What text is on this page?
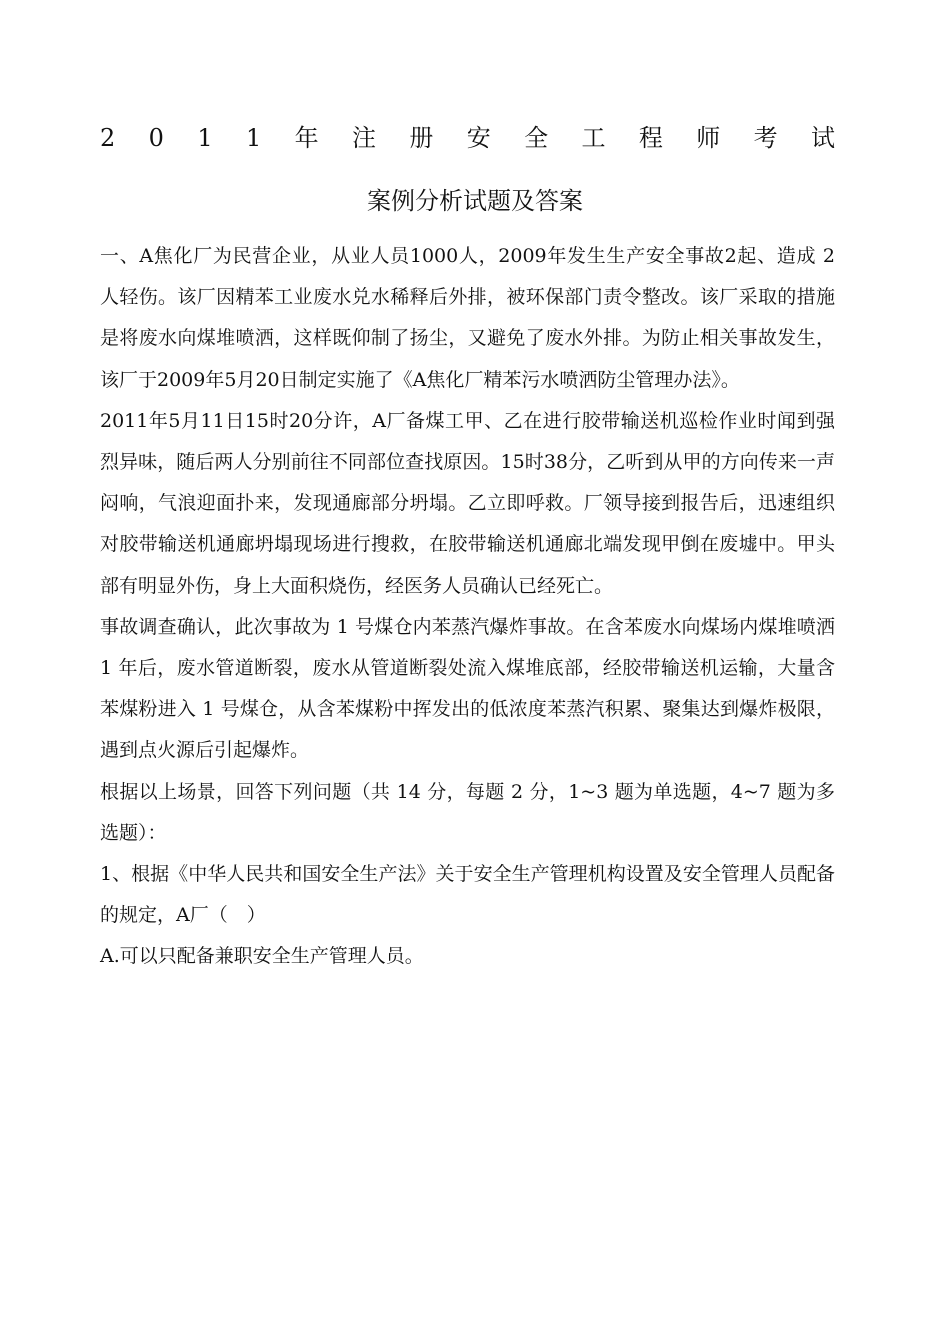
2 0 1 1 年 注 册 安 全 工 程 师 考 试
案例分析试题及答案

一、A焦化厂为民营企业，从业人员1000人，2009年发生生产安全事故2起、造成 2 人轻伤。该厂因精苯工业废水兑水稀释后外排，被环保部门责令整改。该厂采取的措施是将废水向煤堆喷洒，这样既仰制了扬尘，又避免了废水外排。为防止相关事故发生，该厂于2009年5月20日制定实施了《A焦化厂精苯污水喷洒防尘管理办法》。

2011年5月11日15时20分许，A厂备煤工甲、乙在进行胶带输送机巡检作业时闻到强烈异味，随后两人分别前往不同部位查找原因。15时38分，乙听到从甲的方向传来一声闷响，气浪迎面扑来，发现通廊部分坍塌。乙立即呼救。厂领导接到报告后，迅速组织对胶带输送机通廊坍塌现场进行搜救，在胶带输送机通廊北端发现甲倒在废墟中。甲头部有明显外伤，身上大面积烧伤，经医务人员确认已经死亡。

事故调查确认，此次事故为 1 号煤仓内苯蒸汽爆炸事故。在含苯废水向煤场内煤堆喷洒 1 年后，废水管道断裂，废水从管道断裂处流入煤堆底部，经胶带输送机运输，大量含苯煤粉进入 1 号煤仓，从含苯煤粉中挥发出的低浓度苯蒸汽积累、聚集达到爆炸极限，遇到点火源后引起爆炸。

根据以上场景，回答下列问题（共 14 分，每题 2 分，1~3 题为单选题，4~7 题为多选题）：

1、根据《中华人民共和国安全生产法》关于安全生产管理机构设置及安全管理人员配备的规定，A厂（　）

A.可以只配备兼职安全生产管理人员。
